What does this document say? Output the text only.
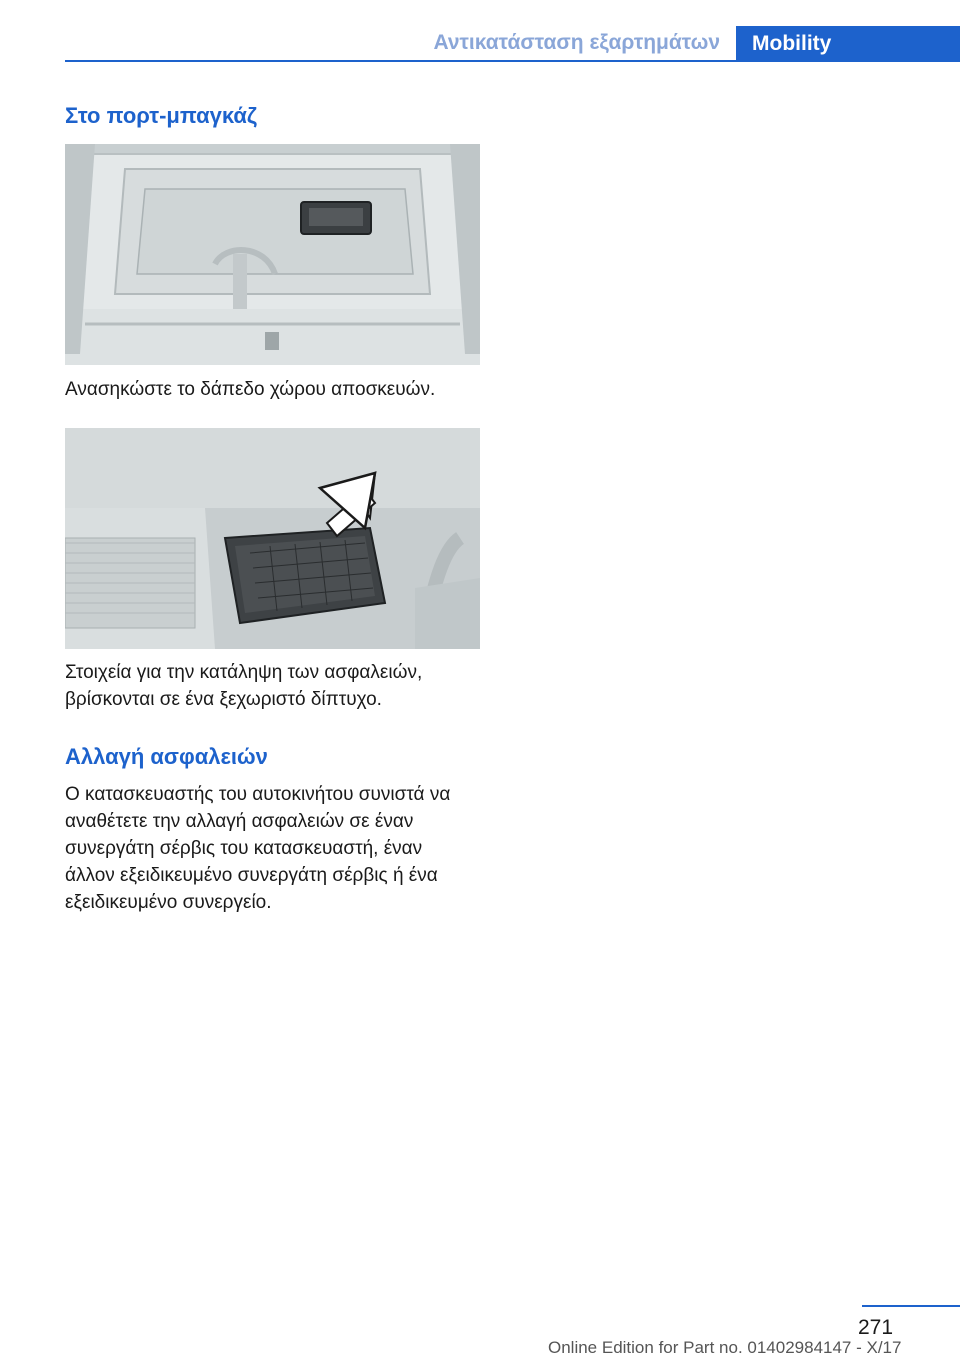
Αντικατάσταση εξαρτημάτων	Mobility
Στο πορτ-μπαγκάζ
Ανασηκώστε το δάπεδο χώρου αποσκευών.
Στοιχεία για την κατάληψη των ασφαλειών,
βρίσκονται σε ένα ξεχωριστό δίπτυχο.
Αλλαγή ασφαλειών
Ο κατασκευαστής του αυτοκινήτου συνιστά να
αναθέτετε την αλλαγή ασφαλειών σε έναν
συνεργάτη σέρβις του κατασκευαστή, έναν
άλλον εξειδικευμένο συνεργάτη σέρβις ή ένα
εξειδικευμένο συνεργείο.
271
Online Edition for Part no. 01402984147 - X/17
